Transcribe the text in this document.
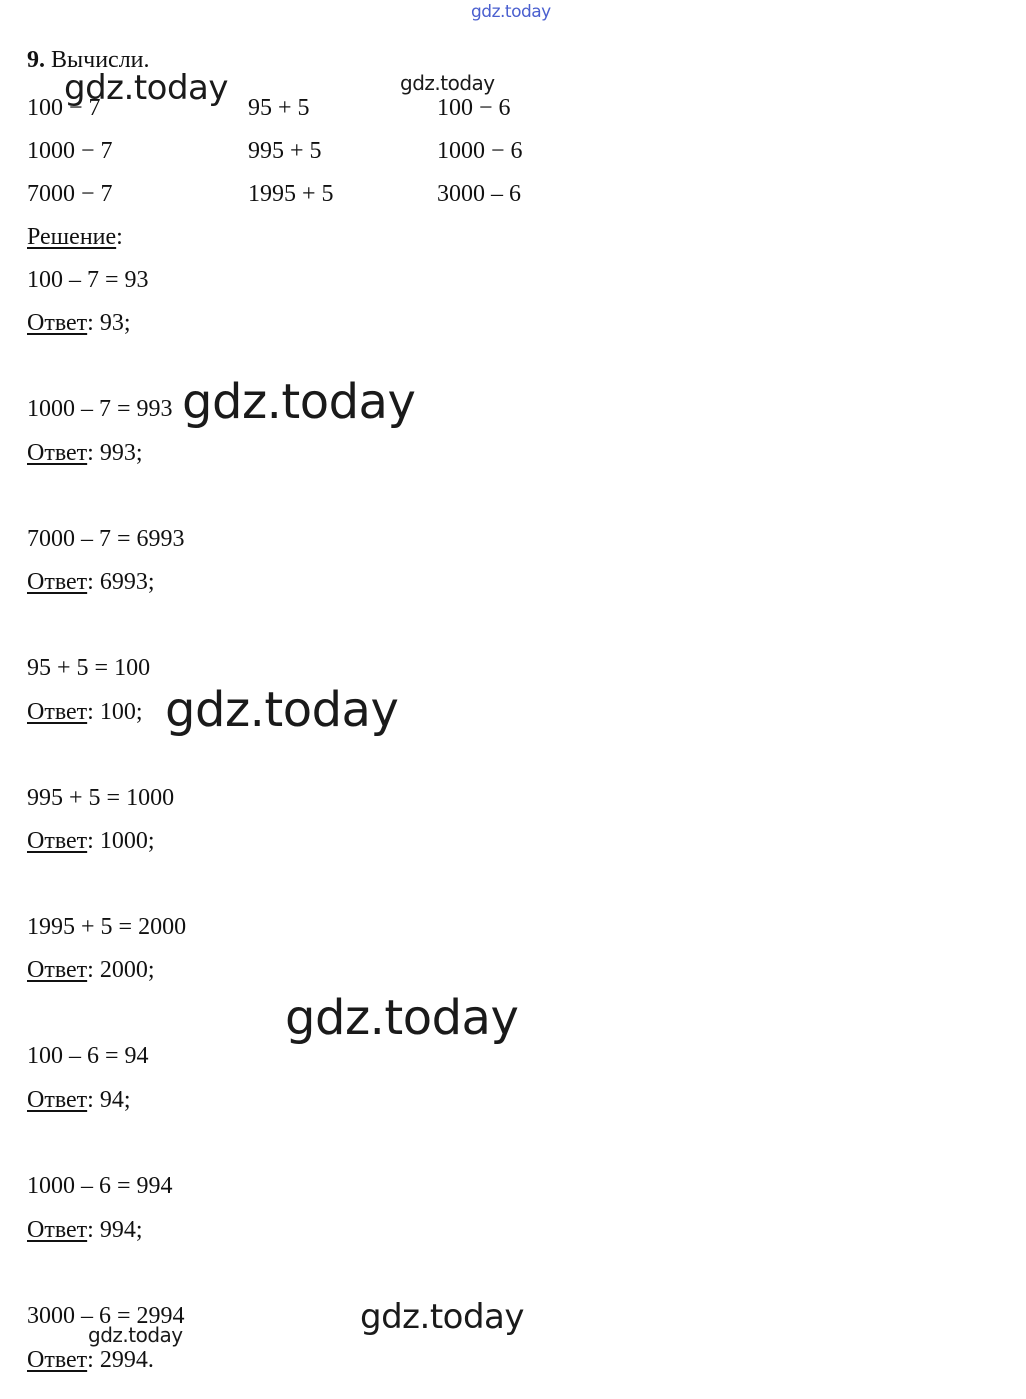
gdz.today
9. Вычисли.
100 − 7	95 + 5	100 − 6
1000 − 7	995 + 5	1000 − 6
7000 − 7	1995 + 5	3000 – 6
Решение:
100 – 7 = 93
Ответ: 93;
1000 – 7 = 993
Ответ: 993;
7000 – 7 = 6993
Ответ: 6993;
95 + 5 = 100
Ответ: 100;
995 + 5 = 1000
Ответ: 1000;
1995 + 5 = 2000
Ответ: 2000;
100 – 6 = 94
Ответ: 94;
1000 – 6 = 994
Ответ: 994;
3000 – 6 = 2994
Ответ: 2994.
gdz.today	gdz.today
gdz.today
gdz.today
gdz.today
gdz.today
gdz.today
